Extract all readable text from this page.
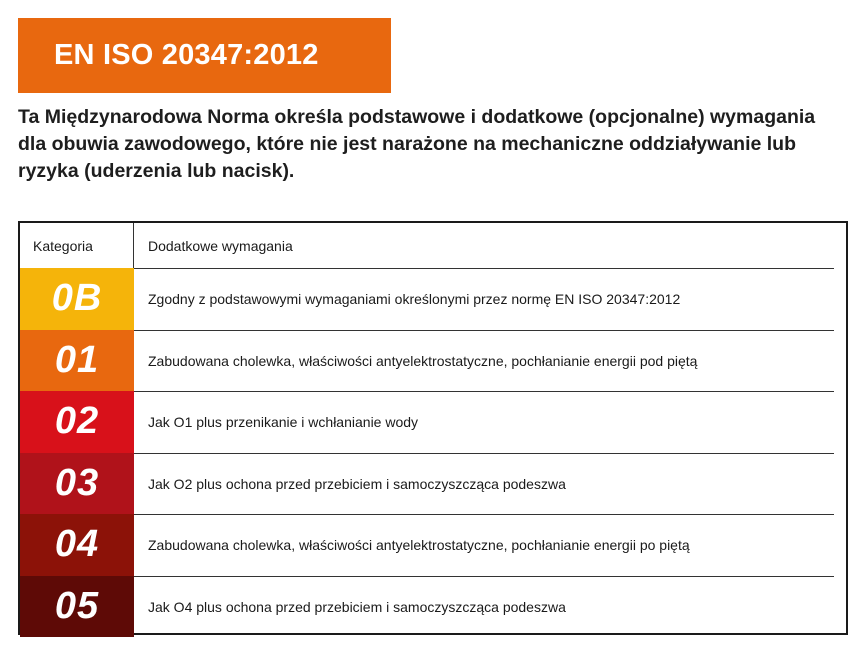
EN ISO 20347:2012
Ta Międzynarodowa Norma określa podstawowe i dodatkowe (opcjonalne) wymagania dla obuwia zawodowego, które nie jest narażone na mechaniczne oddziaływanie lub ryzyka (uderzenia lub nacisk).
Kategoria	Dodatkowe wymagania
0B	Zgodny z podstawowymi wymaganiami określonymi przez normę EN ISO 20347:2012
01	Zabudowana cholewka, właściwości antyelektrostatyczne, pochłanianie energii pod piętą
02	Jak O1 plus przenikanie i wchłanianie wody
03	Jak O2 plus ochona przed przebiciem i samoczyszcząca podeszwa
04	Zabudowana cholewka, właściwości antyelektrostatyczne, pochłanianie energii po piętą
05	Jak O4 plus ochona przed przebiciem i samoczyszcząca podeszwa
